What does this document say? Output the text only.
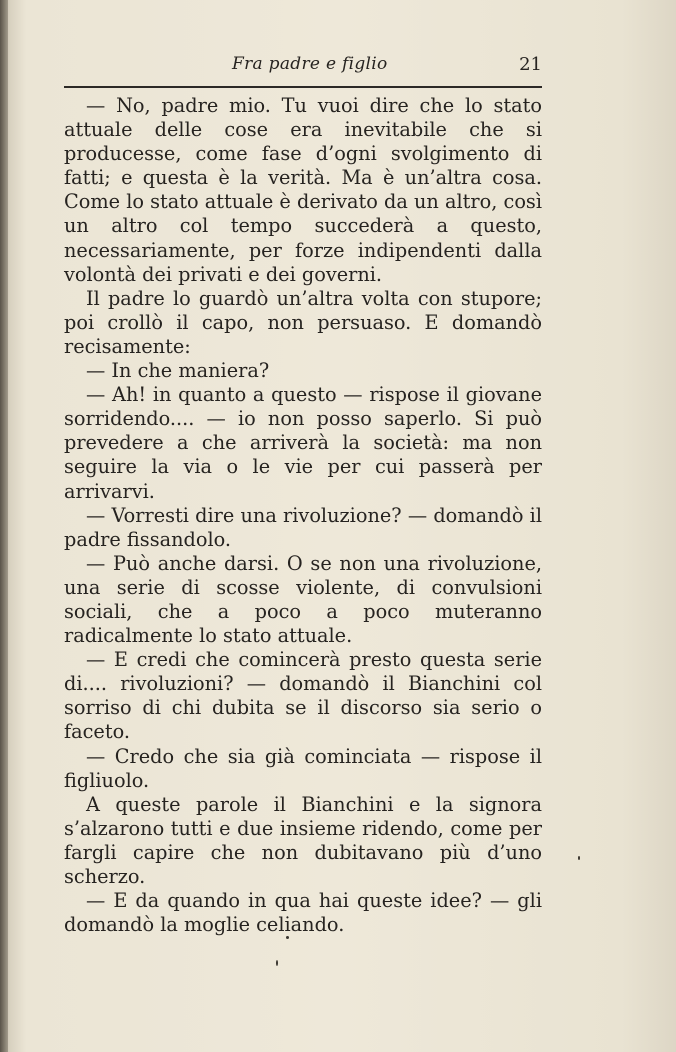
Fra padre e figlio	21

— No, padre mio. Tu vuoi dire che lo stato attuale delle cose era inevitabile che si producesse, come fase d’ogni svolgimento di fatti; e questa è la verità. Ma è un’altra cosa. Come lo stato attuale è derivato da un altro, così un altro col tempo succederà a questo, necessariamente, per forze indipendenti dalla volontà dei privati e dei governi.

Il padre lo guardò un’altra volta con stupore; poi crollò il capo, non persuaso. E domandò recisamente:

— In che maniera?

— Ah! in quanto a questo — rispose il giovane sorridendo.... — io non posso saperlo. Si può prevedere a che arriverà la società: ma non seguire la via o le vie per cui passerà per arrivarvi.

— Vorresti dire una rivoluzione? — domandò il padre fissandolo.

— Può anche darsi. O se non una rivoluzione, una serie di scosse violente, di convulsioni sociali, che a poco a poco muteranno radicalmente lo stato attuale.

— E credi che comincerà presto questa serie di.... rivoluzioni? — domandò il Bianchini col sorriso di chi dubita se il discorso sia serio o faceto.

— Credo che sia già cominciata — rispose il figliuolo.

A queste parole il Bianchini e la signora s’alzarono tutti e due insieme ridendo, come per fargli capire che non dubitavano più d’uno scherzo.

— E da quando in qua hai queste idee? — gli domandò la moglie celiando.
